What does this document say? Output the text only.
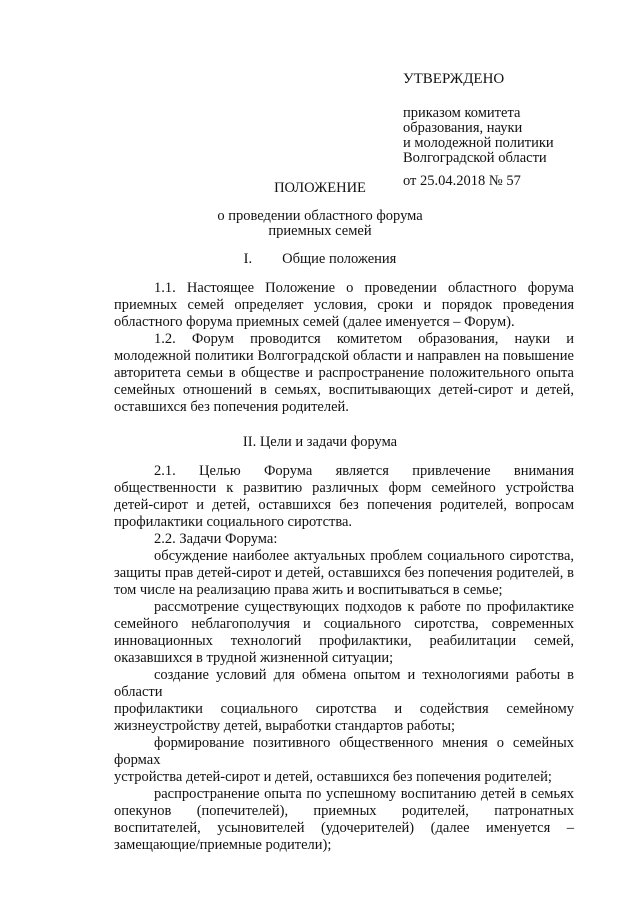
УТВЕРЖДЕНО
приказом комитета
образования, науки
и молодежной политики
Волгоградской области
от 25.04.2018 № 57
ПОЛОЖЕНИЕ
о проведении областного форума
приемных семей
I. Общие положения

1.1. Настоящее Положение о проведении областного форума приемных семей определяет условия, сроки и порядок проведения областного форума приемных семей (далее именуется – Форум).

1.2. Форум проводится комитетом образования, науки и молодежной политики Волгоградской области и направлен на повышение авторитета семьи в обществе и распространение положительного опыта семейных отношений в семьях, воспитывающих детей-сирот и детей, оставшихся без попечения родителей.

II. Цели и задачи форума

2.1. Целью Форума является привлечение внимания общественности к развитию различных форм семейного устройства детей-сирот и детей, оставшихся без попечения родителей, вопросам профилактики социального сиротства.

2.2. Задачи Форума:

обсуждение наиболее актуальных проблем социального сиротства, защиты прав детей-сирот и детей, оставшихся без попечения родителей, в том числе на реализацию права жить и воспитываться в семье;

рассмотрение существующих подходов к работе по профилактике семейного неблагополучия и социального сиротства, современных инновационных технологий профилактики, реабилитации семей, оказавшихся в трудной жизненной ситуации;

создание условий для обмена опытом и технологиями работы в области
профилактики социального сиротства и содействия семейному жизнеустройству детей, выработки стандартов работы;

формирование позитивного общественного мнения о семейных формах
устройства детей-сирот и детей, оставшихся без попечения родителей;

распространение опыта по успешному воспитанию детей в семьях опекунов (попечителей), приемных родителей, патронатных воспитателей, усыновителей (удочерителей) (далее именуется – замещающие/приемные родители);
